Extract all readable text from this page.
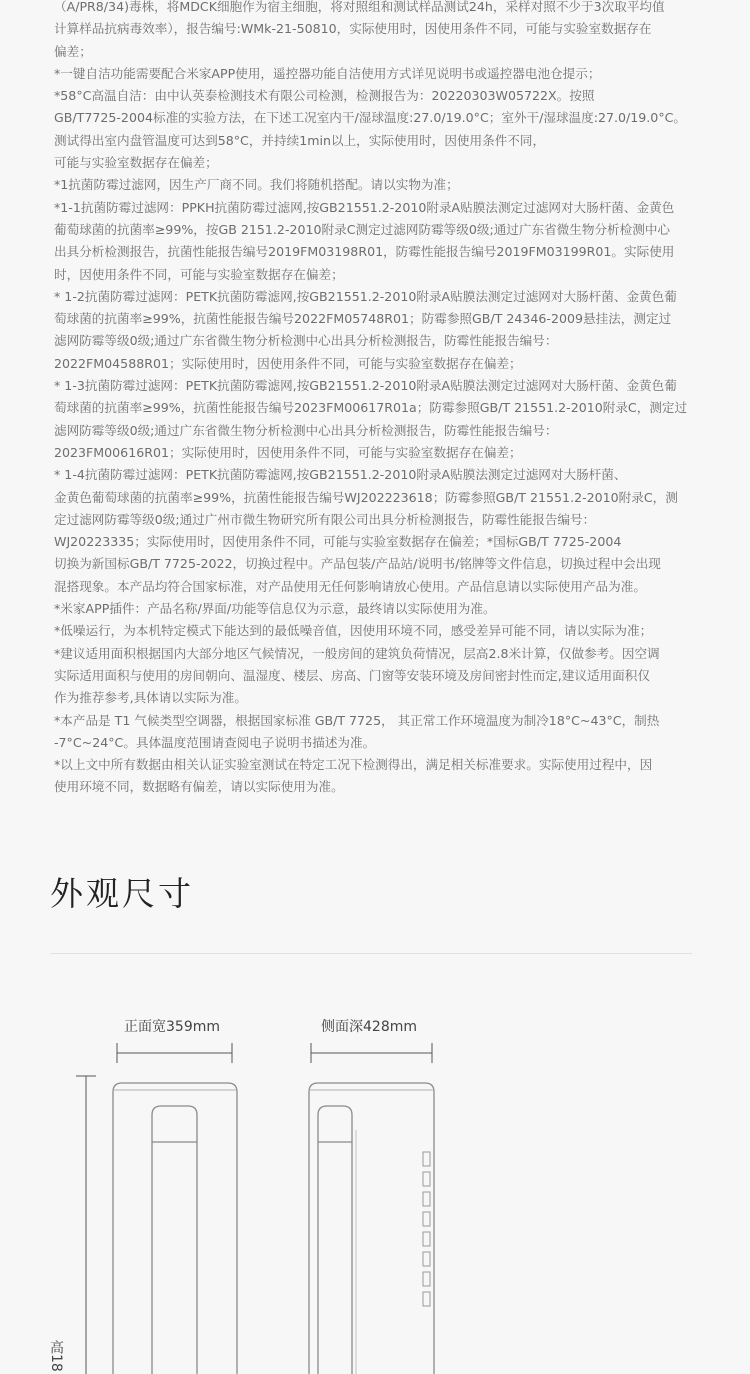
（A/PR8/34)毒株，将MDCK细胞作为宿主细胞，将对照组和测试样品测试24h，采样对照不少于3次取平均值

计算样品抗病毒效率），报告编号:WMk-21-50810，实际使用时，因使用条件不同，可能与实验室数据存在

偏差；

*一键自洁功能需要配合米家APP使用，遥控器功能自洁使用方式详见说明书或遥控器电池仓提示；

*58°C高温自洁：由中认英泰检测技术有限公司检测，检测报告为：20220303W05722X。按照

GB/T7725-2004标准的实验方法，在下述工况室内干/湿球温度:27.0/19.0°C；室外干/湿球温度:27.0/19.0°C。

测试得出室内盘管温度可达到58°C，并持续1min以上，实际使用时，因使用条件不同，

可能与实验室数据存在偏差；

*1抗菌防霉过滤网，因生产厂商不同。我们将随机搭配。请以实物为准；

*1-1抗菌防霉过滤网：PPKH抗菌防霉过滤网,按GB21551.2-2010附录A贴膜法测定过滤网对大肠杆菌、金黄色

葡萄球菌的抗菌率≥99%，按GB 2151.2-2010附录C测定过滤网防霉等级0级;通过广东省微生物分析检测中心

出具分析检测报告，抗菌性能报告编号2019FM03198R01，防霉性能报告编号2019FM03199R01。实际使用

时，因使用条件不同，可能与实验室数据存在偏差；

* 1-2抗菌防霉过滤网：PETK抗菌防霉滤网,按GB21551.2-2010附录A贴膜法测定过滤网对大肠杆菌、金黄色葡

萄球菌的抗菌率≥99%，抗菌性能报告编号2022FM05748R01；防霉参照GB/T 24346-2009悬挂法，测定过

滤网防霉等级0级;通过广东省微生物分析检测中心出具分析检测报告，防霉性能报告编号：

2022FM04588R01；实际使用时，因使用条件不同，可能与实验室数据存在偏差；

* 1-3抗菌防霉过滤网：PETK抗菌防霉滤网,按GB21551.2-2010附录A贴膜法测定过滤网对大肠杆菌、金黄色葡

萄球菌的抗菌率≥99%，抗菌性能报告编号2023FM00617R01a；防霉参照GB/T 21551.2-2010附录C，测定过

滤网防霉等级0级;通过广东省微生物分析检测中心出具分析检测报告，防霉性能报告编号：

2023FM00616R01；实际使用时，因使用条件不同，可能与实验室数据存在偏差；

* 1-4抗菌防霉过滤网：PETK抗菌防霉滤网,按GB21551.2-2010附录A贴膜法测定过滤网对大肠杆菌、

金黄色葡萄球菌的抗菌率≥99%，抗菌性能报告编号WJ202223618；防霉参照GB/T 21551.2-2010附录C，测

定过滤网防霉等级0级;通过广州市微生物研究所有限公司出具分析检测报告，防霉性能报告编号：

WJ20223335；实际使用时，因使用条件不同，可能与实验室数据存在偏差；*国标GB/T 7725-2004

切换为新国标GB/T 7725-2022，切换过程中。产品包装/产品站/说明书/铭牌等文件信息，切换过程中会出现

混搭现象。本产品均符合国家标准，对产品使用无任何影响请放心使用。产品信息请以实际使用产品为准。

*米家APP插件：产品名称/界面/功能等信息仅为示意，最终请以实际使用为准。

*低噪运行，为本机特定模式下能达到的最低噪音值，因使用环境不同，感受差异可能不同，请以实际为准；

*建议适用面积根据国内大部分地区气候情况，一般房间的建筑负荷情况，层高2.8米计算，仅做参考。因空调

实际适用面积与使用的房间朝向、温湿度、楼层、房高、门窗等安装环境及房间密封性而定,建议适用面积仅

作为推荐参考,具体请以实际为准。

*本产品是 T1 气候类型空调器，根据国家标准 GB/T 7725， 其正常工作环境温度为制冷18°C~43°C，制热

-7°C~24°C。具体温度范围请查阅电子说明书描述为准。

*以上文中所有数据由相关认证实验室测试在特定工况下检测得出，满足相关标准要求。实际使用过程中，因

使用环境不同，数据略有偏差，请以实际使用为准。

外观尺寸
正面宽359mm	侧面深428mm
高18
